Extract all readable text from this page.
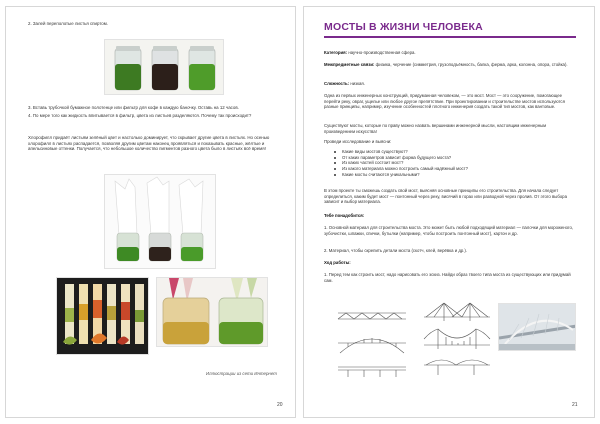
2. Залей переполотые листья спиртом.
3. Вставь трубочкой бумажное полотенце или фильтр для кофе в каждую баночку. Оставь на 12 часов.
4. По мере того как жидкость впитывается в фильтр, цвета из листьев разделяются. Почему так происходит?
Хлорофилл придаёт листьям зелёный цвет и настолько доминирует, что скрывает другие цвета в листьях. Но осенью хлорофилл в листьях распадается, позволяя другим цветам наконец проявляться и показывать красные, жёлтые и апельсиновые оттенки. Получается, что небольшое количество пигментов разного цвета было в листьях всё время!
Иллюстрации из сети Интернет
20
МОСТЫ В ЖИЗНИ ЧЕЛОВЕКА
Категория: научно-производственная сфера.
Межпредметные связи: физика, черчение (симметрия, грузоподъёмность, балка, ферма, арка, колонна, опора, стойка).
Сложность: низкая.
Одна из первых инженерных конструкций, придуманная человеком, — это мост. Мост — это сооружение, помогающее перейти реку, овраг, ущелье или любое другое препятствие. При проектировании и строительстве мостов используются разные принципы, например, изучение особенностей плотного инженерия создать такой тип мостов, как вантовые.
Существуют мосты, которые по праву можно назвать вершинами инженерной мысли, настоящим инженерным произведением искусства!
Проведи исследование и выясни:
Какие виды мостов существуют?
От каких параметров зависит форма будущего моста?
Из каких частей состоит мост?
Из какого материала можно построить самый надёжный мост?
Какие мосты считаются уникальными?
В этом проекте ты сможешь создать свой мост, выясняя основные принципы его строительства. Для начала следует определиться, каким будет мост — понтонный через реку, висячий в горах или разводной через пролив. От этого выбора зависит и выбор материала.
Тебе понадобится:
1. Основной материал для строительства моста. Это может быть любой подходящий материал — палочки для мороженого, зубочистки, шпажки, спички, бутылки (например, чтобы построить понтонный мост), картон и др.
2. Материал, чтобы скрепить детали моста (скотч, клей, верёвка и др.).
Ход работы:
1. Перед тем как строить мост, надо нарисовать его эскиз. Найди образ твоего типа моста из существующих или придумай сам.
21
